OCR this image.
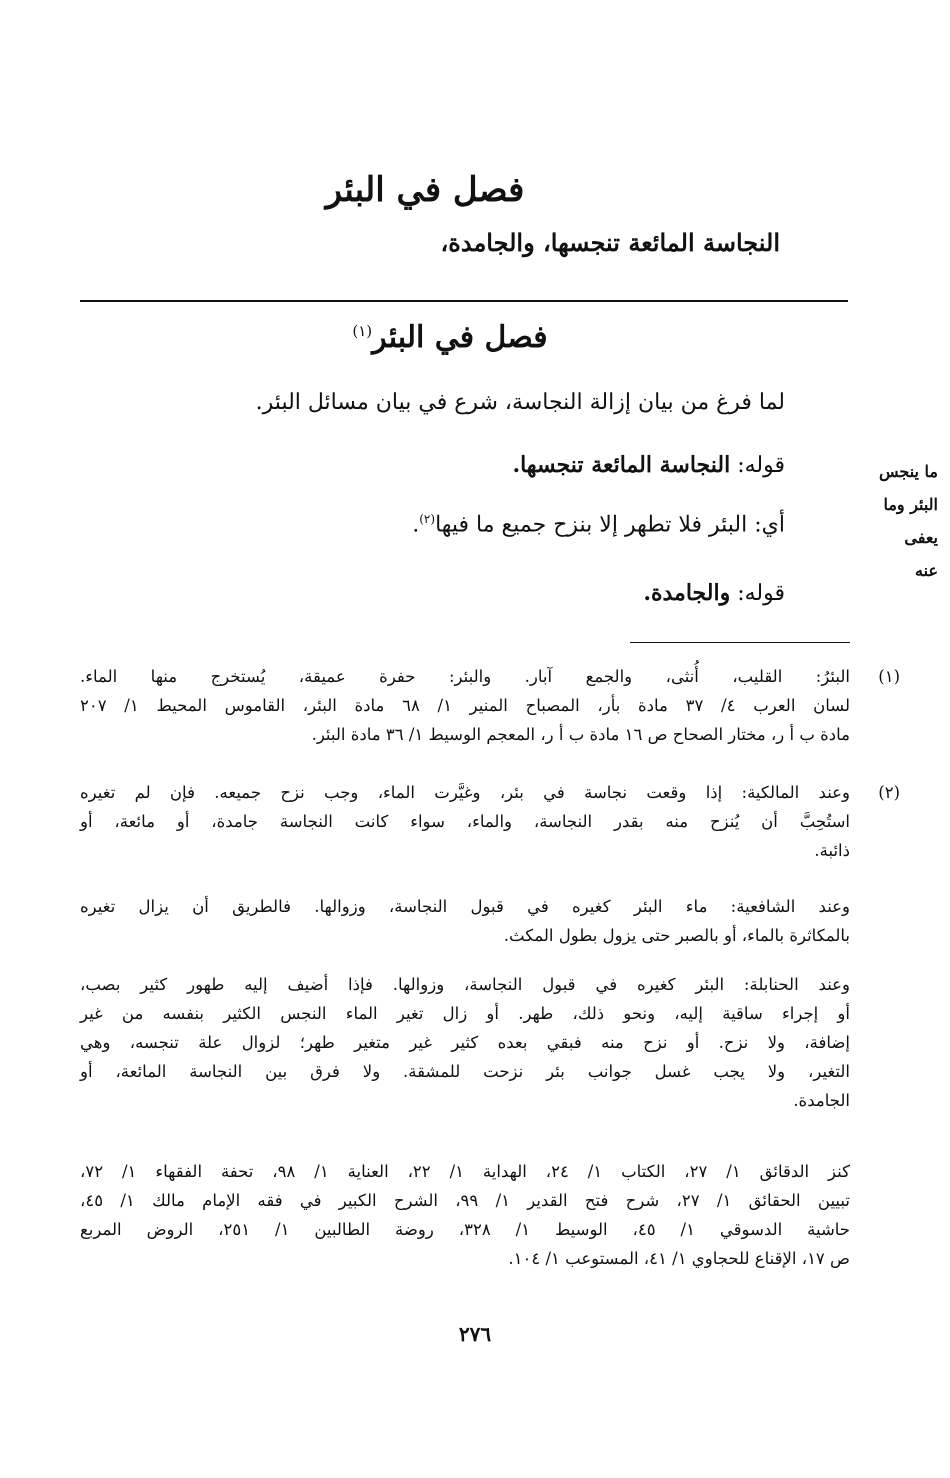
فصل في البئر

النجاسة المائعة تنجسها، والجامدة،

فصل في البئر$^{(١)}$

لما فرغ من بيان إزالة النجاسة، شرع في بيان مسائل البئر.

قوله: النجاسة المائعة تنجسها.

أي: البئر فلا تطهر إلا بنزح جميع ما فيها$^{(٢)}$.

قوله: والجامدة.

ما ينجس
البئر وما
يعفى
عنه
(١)
البئرُ: القليب، أُنثى، والجمع آبار. والبئر: حفرة عميقة، يُستخرج منها الماء.
لسان العرب ٤/ ٣٧ مادة بأر، المصباح المنير ١/ ٦٨ مادة البئر، القاموس المحيط ١/ ٢٠٧
مادة ب أ ر، مختار الصحاح ص ١٦ مادة ب أ ر، المعجم الوسيط ١/ ٣٦ مادة البئر.
(٢)
وعند المالكية: إذا وقعت نجاسة في بئر، وغيَّرت الماء، وجب نزح جميعه. فإن لم تغيره
استُحِبَّ أن يُنزح منه بقدر النجاسة، والماء، سواء كانت النجاسة جامدة، أو مائعة، أو
ذائبة.
وعند الشافعية: ماء البئر كغيره في قبول النجاسة، وزوالها. فالطريق أن يزال تغيره
بالمكاثرة بالماء، أو بالصبر حتى يزول بطول المكث.
وعند الحنابلة: البئر كغيره في قبول النجاسة، وزوالها. فإذا أضيف إليه طهور كثير بصب،
أو إجراء ساقية إليه، ونحو ذلك، طهر. أو زال تغير الماء النجس الكثير بنفسه من غير
إضافة، ولا نزح. أو نزح منه فبقي بعده كثير غير متغير طهر؛ لزوال علة تنجسه، وهي
التغير، ولا يجب غسل جوانب بئر نزحت للمشقة. ولا فرق بين النجاسة المائعة، أو
الجامدة.
كنز الدقائق ١/ ٢٧، الكتاب ١/ ٢٤، الهداية ١/ ٢٢، العناية ١/ ٩٨، تحفة الفقهاء ١/ ٧٢،
تبيين الحقائق ١/ ٢٧، شرح فتح القدير ١/ ٩٩، الشرح الكبير في فقه الإمام مالك ١/ ٤٥،
حاشية الدسوقي ١/ ٤٥، الوسيط ١/ ٣٢٨، روضة الطالبين ١/ ٢٥١، الروض المربع
ص ١٧، الإقناع للحجاوي ١/ ٤١، المستوعب ١/ ١٠٤.

٢٧٦
